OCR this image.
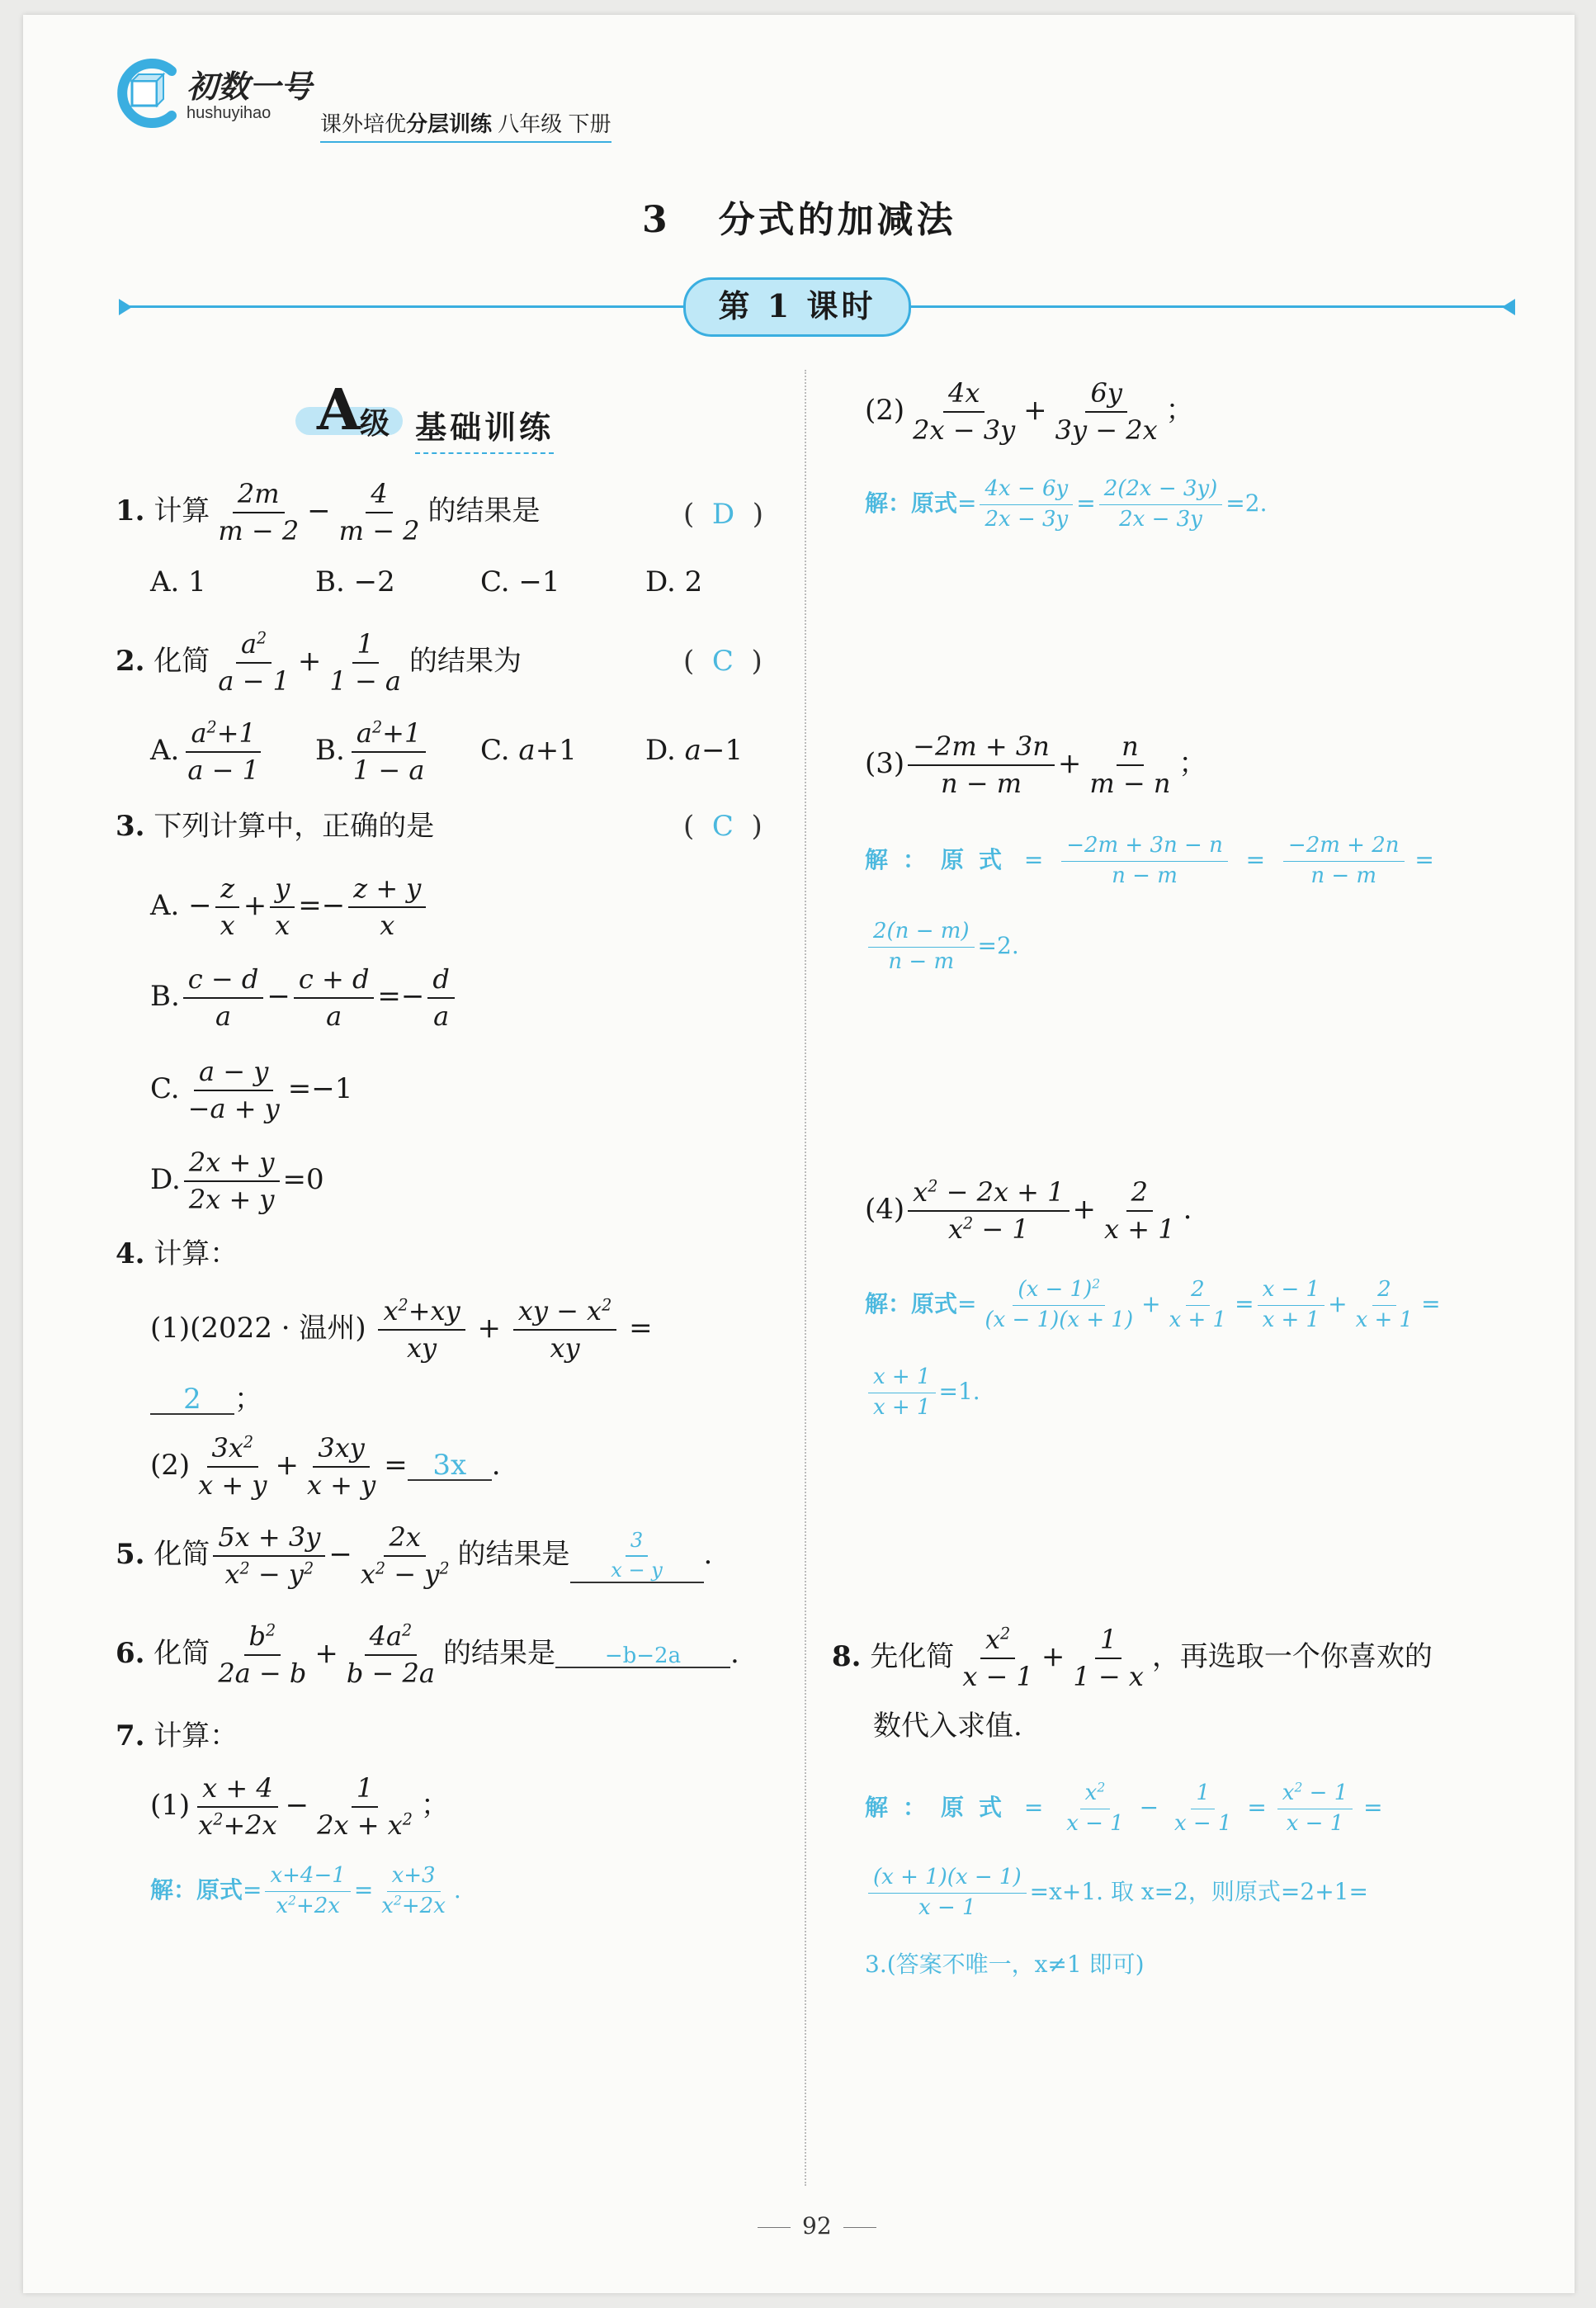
初数一号
hushuyihao 课外培优分层训练 八年级 下册
3 分式的加减法
第 1 课时
A 级 基础训练
1. 计算 $\frac{2m}{m - 2} - \frac{4}{m - 2}$ 的结果是	( D )
A. 1	B. −2	C. −1	D. 2
2. 化简 $\frac{a^2}{a - 1} + \frac{1}{1 - a}$ 的结果为	( C )
A. $\frac{a^2+1}{a - 1} B$. $\frac{a^2+1}{1 - a} C$. a+1	D. a−1
3. 下列计算中，正确的是	( C )
A. − $\frac{z}{x} + \frac{y}{x} =- \frac{z + y}{x}$
B. $\frac{c - d}{a} - \frac{c + d}{a} =- \frac{d}{a}$
C. $\frac{a - y}{-a + y} =-1$
D. $\frac{2x + y}{2x + y} =0$
4. 计算：
(1)(2022 · 温州) $\frac{x^2+xy}{xy} + \frac{xy - x^2}{xy}$ =
2 ；
$(2) \frac{3x^2}{x + y} + \frac{3xy}{x + y} = 3x$ .
5. 化简 $\frac{5x + 3y}{x^2 - y^2} - \frac{2x}{x^2 - y^2}$ 的结果是 $\frac{3}{x - y}$ .
6. 化简 $\frac{b^2}{2a - b} + \frac{4a^2}{b - 2a}$ 的结果是 −b−2a .
7. 计算：
$(1) \frac{x + 4}{x^2+2x} - \frac{1}{2x + x^2}$ ；
解：原式= $\frac{x+4-1}{x^2+2x} = \frac{x+3}{x^2+2x}$ .
$(2) \frac{4x}{2x - 3y} + \frac{6y}{3y - 2x}$ ；
解：原式= $\frac{4x - 6y}{2x - 3y} = \frac{2(2x - 3y)}{2x - 3y} =2$.
$(3) \frac{-2m + 3n}{n - m} + \frac{n}{m - n}$ ；
解：原式 = $\frac{-2m + 3n - n}{n - m} = \frac{-2m + 2n}{n - m}$ =
$\frac{2(n - m)}{n - m} =2$.
$(4) \frac{x^2 - 2x + 1}{x^2 - 1} + \frac{2}{x + 1}$ .
解：原式= $\frac{(x - 1)^2}{(x - 1)(x + 1)} + \frac{2}{x + 1} = \frac{x - 1}{x + 1} + \frac{2}{x + 1}$ =
$\frac{x + 1}{x + 1} =1$.
8. 先化简 $\frac{x^2}{x - 1} + \frac{1}{1 - x}$ ，再选取一个你喜欢的
数代入求值.
解：原式 = $\frac{x^2}{x - 1} - \frac{1}{x - 1} = \frac{x^2 - 1}{x - 1}$ =
$\frac{(x + 1)(x - 1)}{x - 1} =x+1$. 取 x=2，则原式=2+1=
3.(答案不唯一，x≠1 即可)
92
